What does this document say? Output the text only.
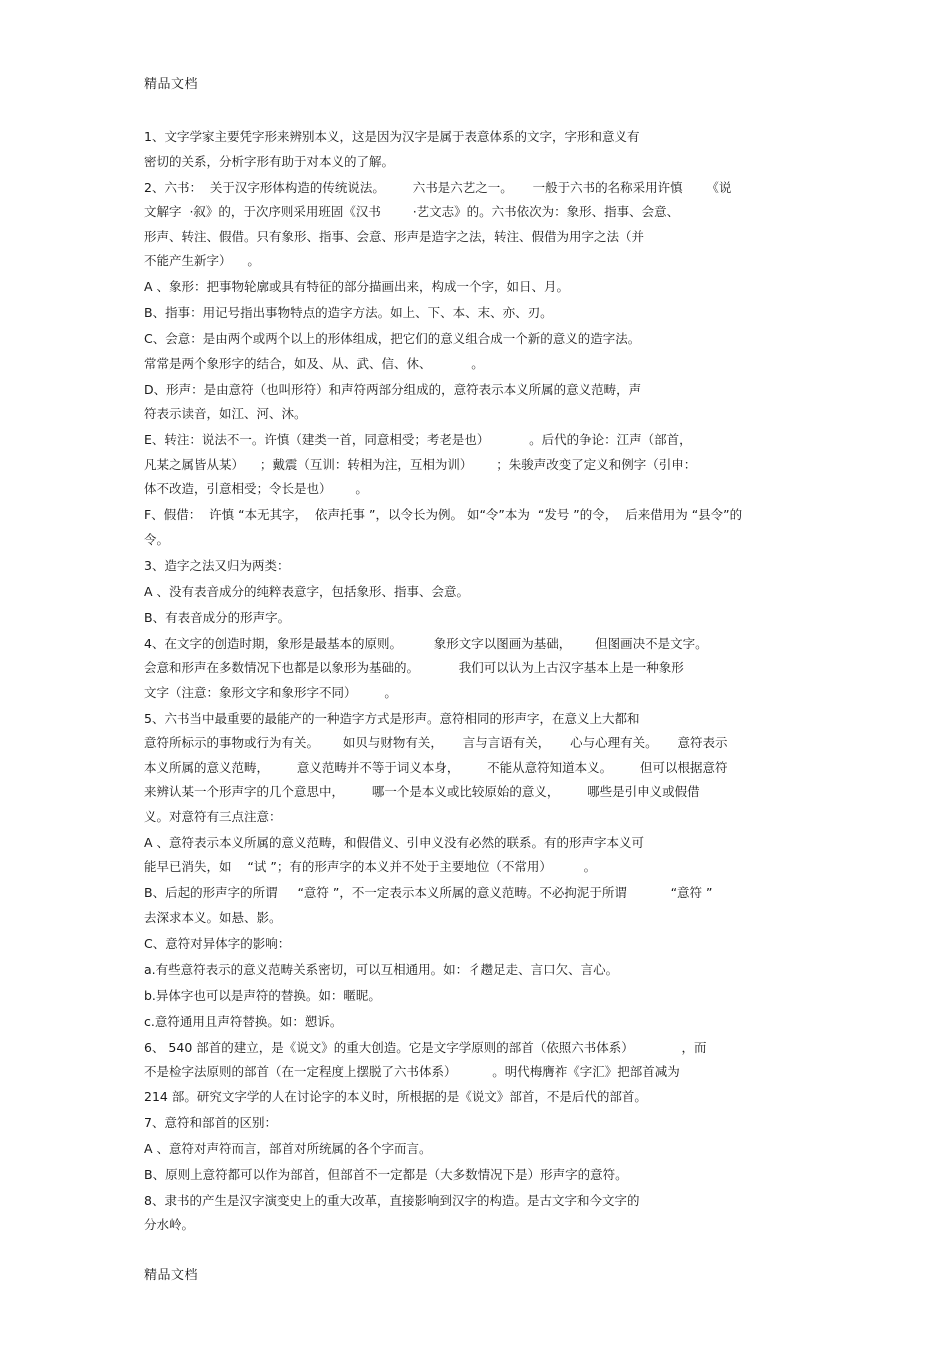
精品文档
1、文字学家主要凭字形来辨别本义，这是因为汉字是属于表意体系的文字，字形和意义有
密切的关系，分析字形有助于对本义的了解。
2、六书：  关于汉字形体构造的传统说法。       六书是六艺之一。     一般于六书的名称采用许慎      《说
文解字  ·叙》的，于次序则采用班固《汉书        ·艺文志》的。六书依次为：象形、指事、会意、
形声、转注、假借。只有象形、指事、会意、形声是造字之法，转注、假借为用字之法（并
不能产生新字）    。
A 、象形：把事物轮廓或具有特征的部分描画出来，构成一个字，如日、月。
B、指事：用记号指出事物特点的造字方法。如上、下、本、末、亦、刃。
C、会意：是由两个或两个以上的形体组成，把它们的意义组合成一个新的意义的造字法。
常常是两个象形字的结合，如及、从、武、信、休、          。
D、形声：是由意符（也叫形符）和声符两部分组成的，意符表示本义所属的意义范畴，声
符表示读音，如江、河、沐。
E、转注：说法不一。许慎（建类一首，同意相受；考老是也）          。后代的争论：江声（部首，
凡某之属皆从某）    ；戴震（互训：转相为注，互相为训）      ；朱骏声改变了定义和例字（引申：
体不改造，引意相受；令长是也）      。
F、假借：  许慎 “本无其字，  依声托事 ”，以令长为例。 如“令”本为  “发号 ”的令，  后来借用为 “县令”的
令。
3、造字之法又归为两类：
A 、没有表音成分的纯粹表意字，包括象形、指事、会意。
B、有表音成分的形声字。
4、在文字的创造时期，象形是最基本的原则。        象形文字以图画为基础，      但图画决不是文字。
会意和形声在多数情况下也都是以象形为基础的。          我们可以认为上古汉字基本上是一种象形
文字（注意：象形文字和象形字不同）       。
5、六书当中最重要的最能产的一种造字方式是形声。意符相同的形声字，在意义上大都和
意符所标示的事物或行为有关。      如贝与财物有关，     言与言语有关，     心与心理有关。     意符表示
本义所属的意义范畴，       意义范畴并不等于词义本身，       不能从意符知道本义。       但可以根据意符
来辨认某一个形声字的几个意思中，       哪一个是本义或比较原始的意义，       哪些是引申义或假借
义。对意符有三点注意：
A 、意符表示本义所属的意义范畴，和假借义、引申义没有必然的联系。有的形声字本义可
能早已消失，如    “试 ”；有的形声字的本义并不处于主要地位（不常用）        。
B、后起的形声字的所谓     “意符 ”，不一定表示本义所属的意义范畴。不必拘泥于所谓           “意符 ”
去深求本义。如悬、影。
C、意符对异体字的影响：
a.有些意符表示的意义范畴关系密切，可以互相通用。如：彳趱足走、言口欠、言心。
b.异体字也可以是声符的替换。如：暱昵。
c.意符通用且声符替换。如：愬诉。
6、 540 部首的建立，是《说文》的重大创造。它是文字学原则的部首（依照六书体系）            ，而
不是检字法原则的部首（在一定程度上摆脱了六书体系）         。明代梅膺祚《字汇》把部首减为
214 部。研究文字学的人在讨论字的本义时，所根据的是《说文》部首，不是后代的部首。
7、意符和部首的区别：
A 、意符对声符而言，部首对所统属的各个字而言。
B、原则上意符都可以作为部首，但部首不一定都是（大多数情况下是）形声字的意符。
8、隶书的产生是汉字演变史上的重大改革，直接影响到汉字的构造。是古文字和今文字的
分水岭。
精品文档
